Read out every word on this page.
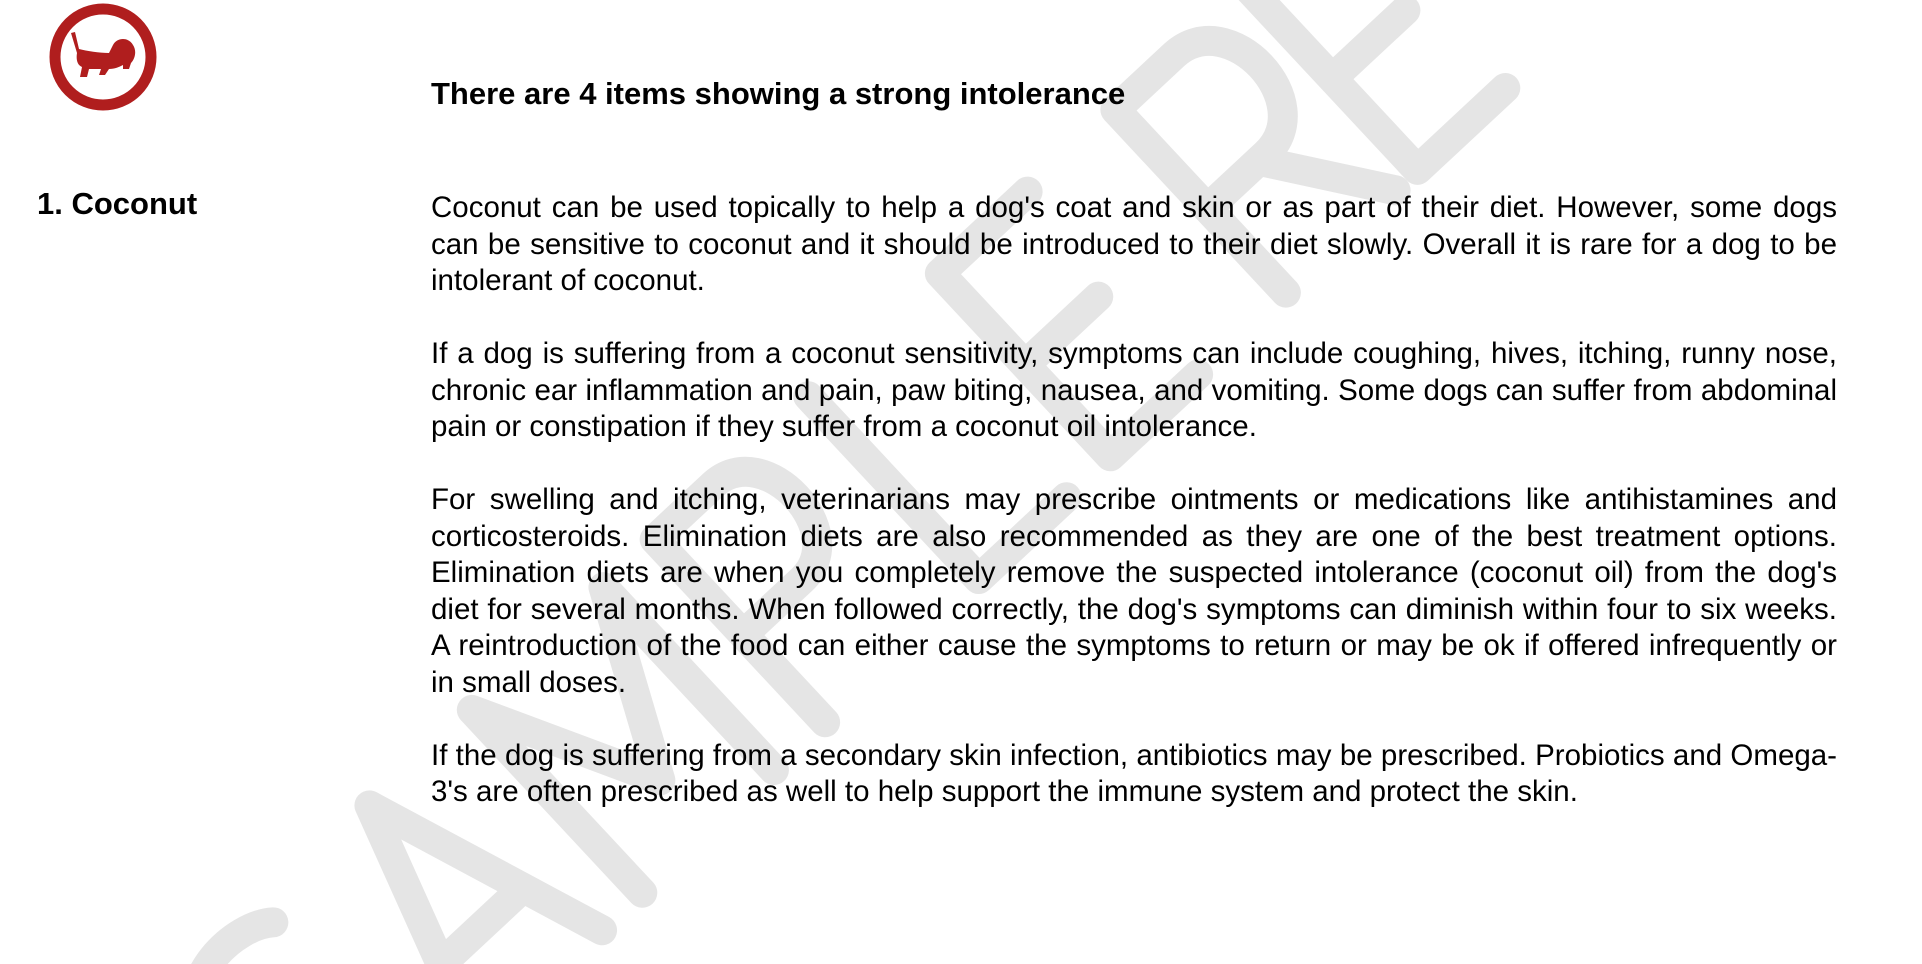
There are 4 items showing a strong intolerance
1. Coconut	Coconut can be used topically to help a dog's coat and skin or as part of their diet. However, some dogs can be sensitive to coconut and it should be introduced to their diet slowly. Overall it is rare for a dog to be intolerant of coconut.

If a dog is suffering from a coconut sensitivity, symptoms can include coughing, hives, itching, runny nose, chronic ear inflammation and pain, paw biting, nausea, and vomiting. Some dogs can suffer from abdominal pain or constipation if they suffer from a coconut oil intolerance.

For swelling and itching, veterinarians may prescribe ointments or medications like antihistamines and corticosteroids. Elimination diets are also recommended as they are one of the best treatment options. Elimination diets are when you completely remove the suspected intolerance (coconut oil) from the dog's diet for several months. When followed correctly, the dog's symptoms can diminish within four to six weeks. A reintroduction of the food can either cause the symptoms to return or may be ok if offered infrequently or in small doses.

If the dog is suffering from a secondary skin infection, antibiotics may be prescribed. Probiotics and Omega-3's are often prescribed as well to help support the immune system and protect the skin.
